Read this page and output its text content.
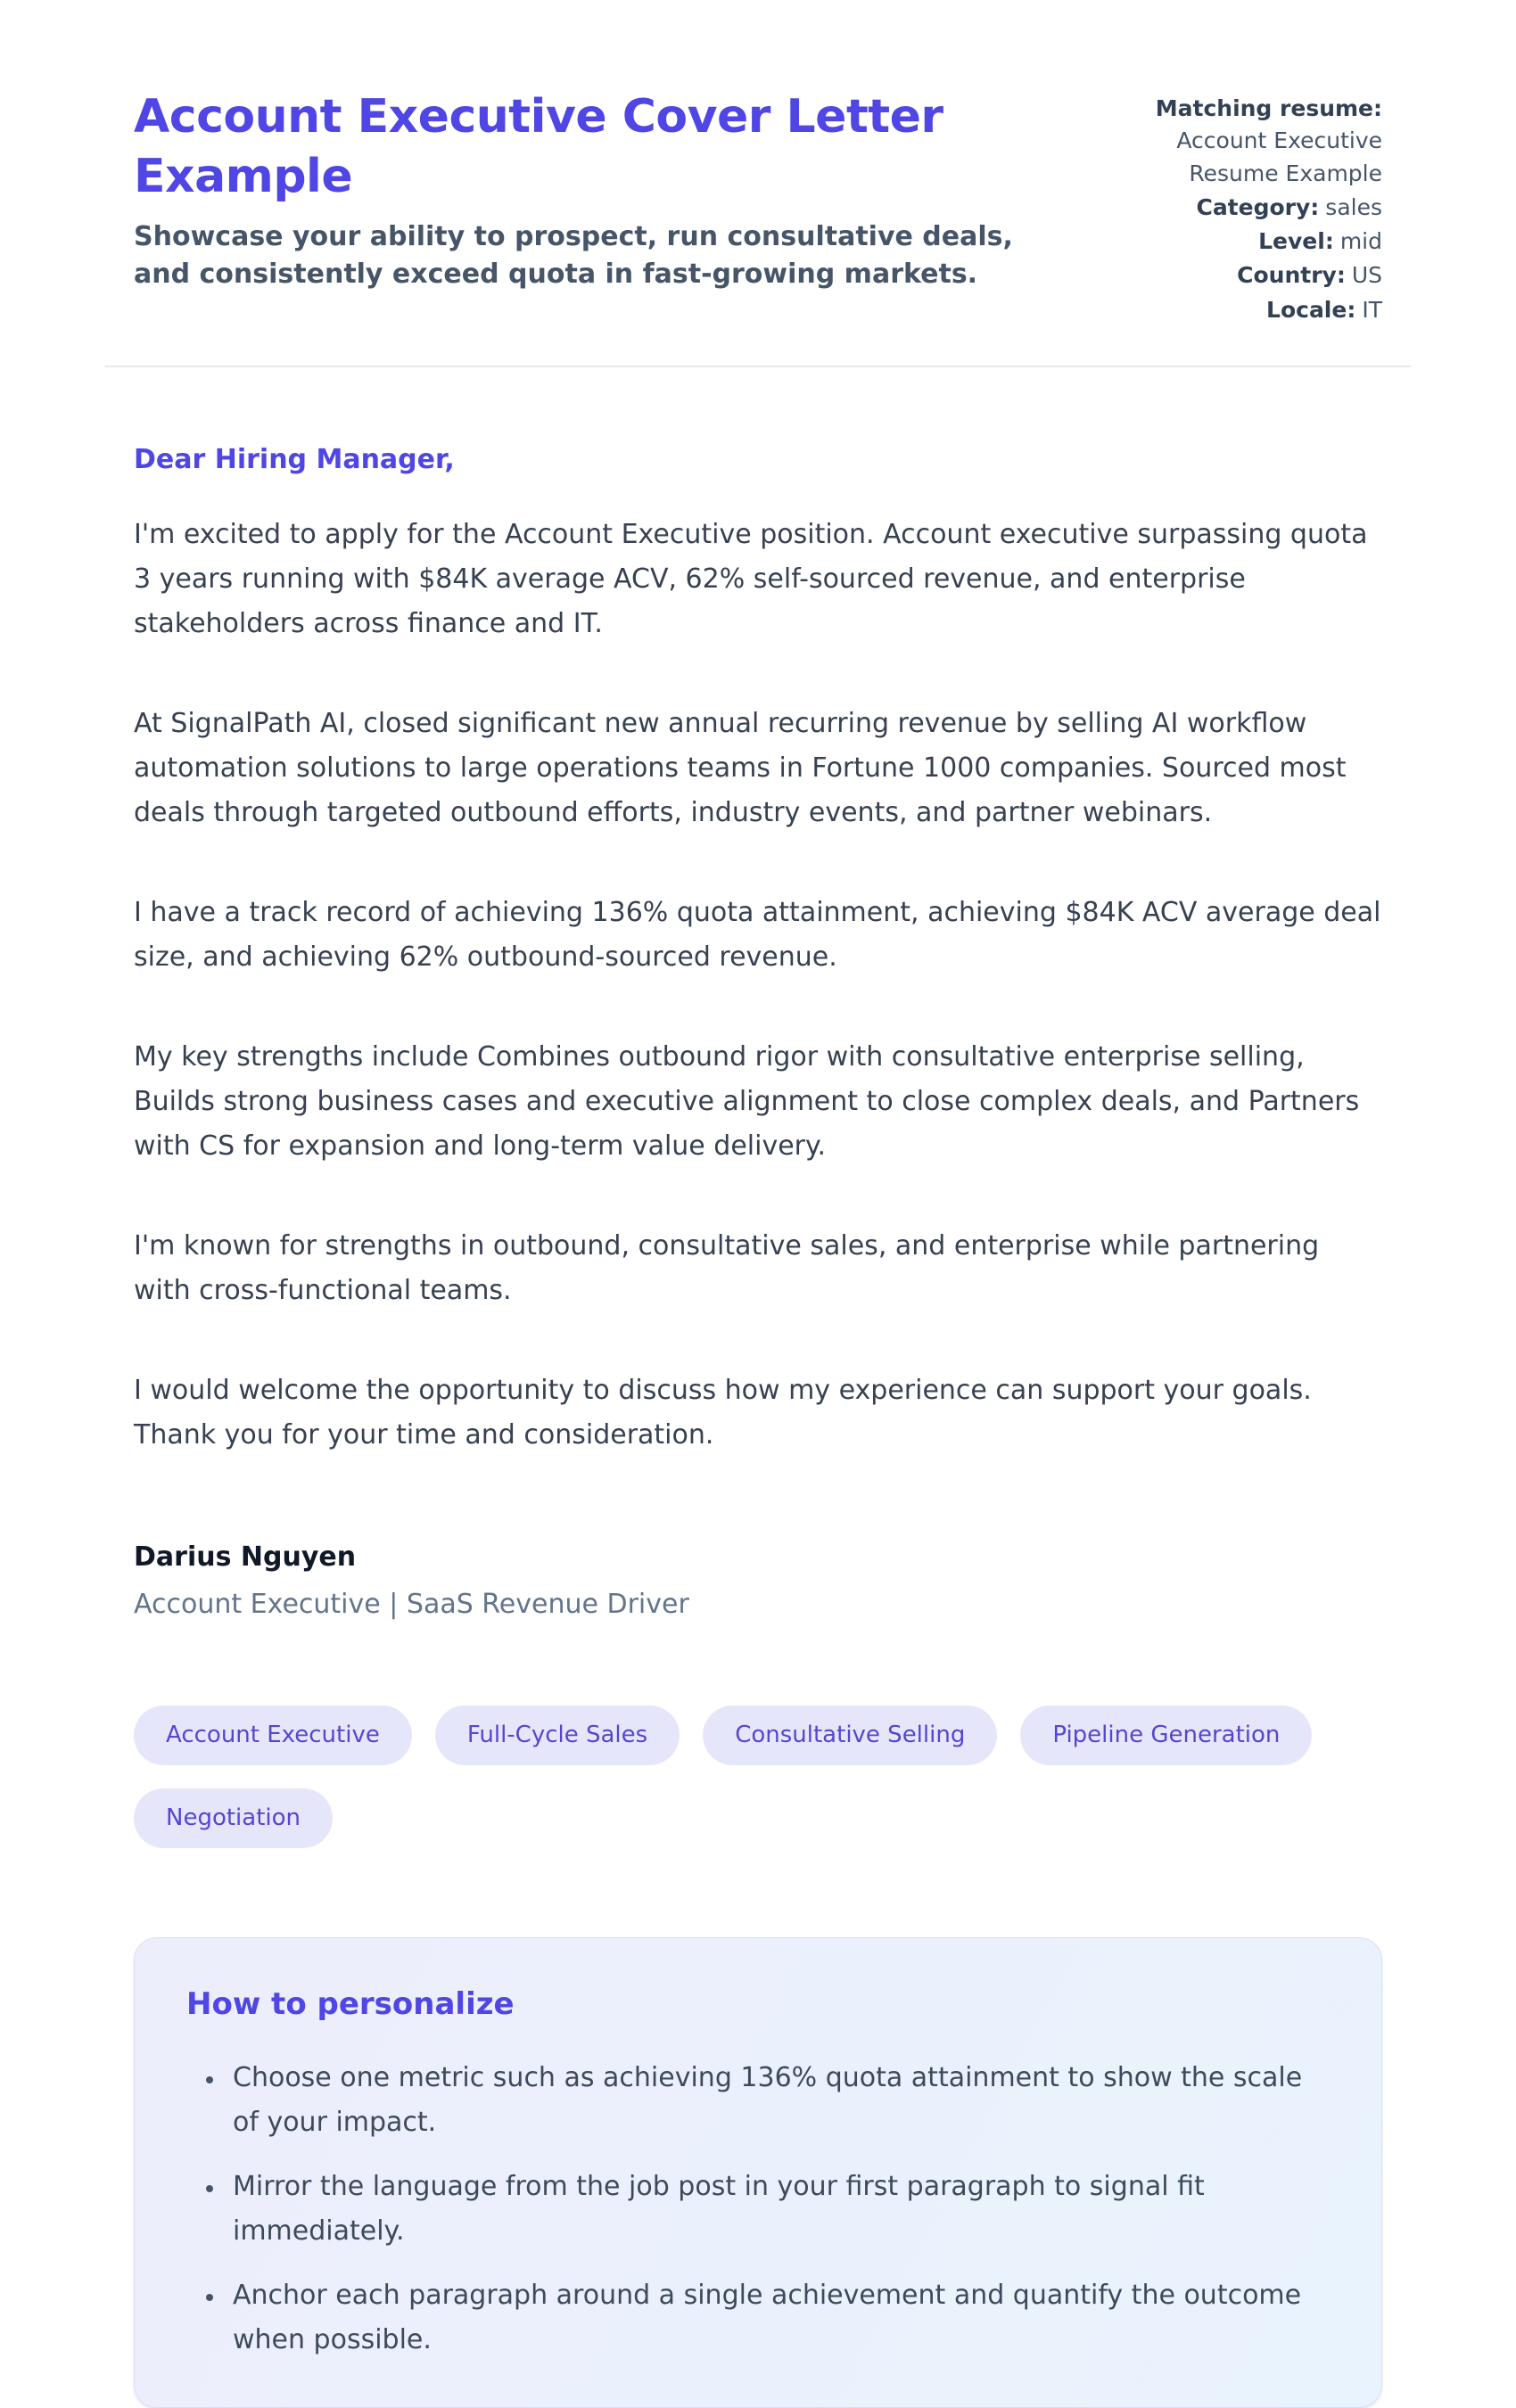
Account Executive Cover Letter Example

Showcase your ability to prospect, run consultative deals, and consistently exceed quota in fast-growing markets.

Matching resume:
Account Executive Resume Example
Category: sales
Level: mid
Country: US
Locale: IT

Dear Hiring Manager,

I'm excited to apply for the Account Executive position. Account executive surpassing quota 3 years running with $84K average ACV, 62% self-sourced revenue, and enterprise stakeholders across finance and IT.

At SignalPath AI, closed significant new annual recurring revenue by selling AI workflow automation solutions to large operations teams in Fortune 1000 companies. Sourced most deals through targeted outbound efforts, industry events, and partner webinars.

I have a track record of achieving 136% quota attainment, achieving $84K ACV average deal size, and achieving 62% outbound-sourced revenue.

My key strengths include Combines outbound rigor with consultative enterprise selling, Builds strong business cases and executive alignment to close complex deals, and Partners with CS for expansion and long-term value delivery.

I'm known for strengths in outbound, consultative sales, and enterprise while partnering with cross-functional teams.

I would welcome the opportunity to discuss how my experience can support your goals. Thank you for your time and consideration.

Darius Nguyen

Account Executive | SaaS Revenue Driver

Account Executive	Full-Cycle Sales	Consultative Selling	Pipeline Generation
Negotiation
How to personalize
• Choose one metric such as achieving 136% quota attainment to show the scale of your impact.
• Mirror the language from the job post in your first paragraph to signal fit immediately.
• Anchor each paragraph around a single achievement and quantify the outcome when possible.
